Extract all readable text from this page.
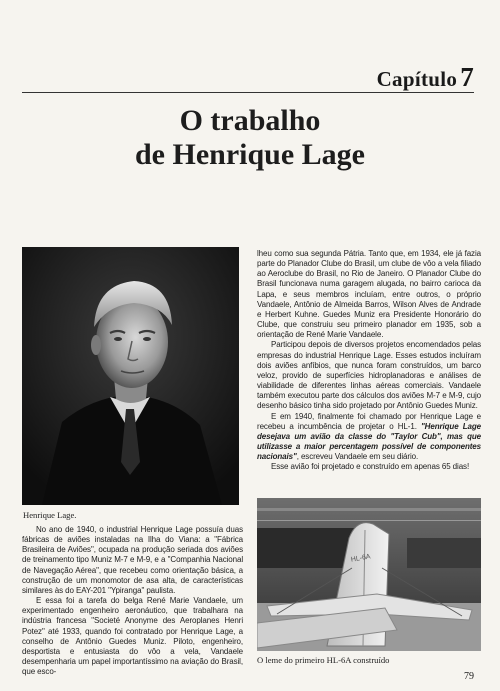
Capítulo 7
O trabalho
de Henrique Lage
Henrique Lage.

No ano de 1940, o industrial Henrique Lage possuía duas fábricas de aviões instaladas na Ilha do Viana: a "Fábrica Brasileira de Aviões", ocupada na produção seriada dos aviões de treinamento tipo Muniz M-7 e M-9, e a "Companhia Nacional de Navegação Aérea", que recebeu como orientação básica, a construção de um monomotor de asa alta, de características similares às do EAY-201 "Ypiranga" paulista.

E essa foi a tarefa do belga René Marie Vandaele, um experimentado engenheiro aeronáutico, que trabalhara na indústria francesa "Societé Anonyme des Aeroplanes Henri Potez" até 1933, quando foi contratado por Henrique Lage, a conselho de Antônio Guedes Muniz. Piloto, engenheiro, desportista e entusiasta do vôo a vela, Vandaele desempenharia um papel importantíssimo na aviação do Brasil, que esco-

lheu como sua segunda Pátria. Tanto que, em 1934, ele já fazia parte do Planador Clube do Brasil, um clube de vôo a vela filiado ao Aeroclube do Brasil, no Rio de Janeiro. O Planador Clube do Brasil funcionava numa garagem alugada, no bairro carioca da Lapa, e seus membros incluíam, entre outros, o próprio Vandaele, Antônio de Almeida Barros, Wilson Alves de Andrade e Herbert Kuhne. Guedes Muniz era Presidente Honorário do Clube, que construiu seu primeiro planador em 1935, sob a orientação de René Marie Vandaele.

Participou depois de diversos projetos encomendados pelas empresas do industrial Henrique Lage. Esses estudos incluíram dois aviões anfíbios, que nunca foram construídos, um barco veloz, provido de superfícies hidroplanadoras e análises de viabilidade de diferentes linhas aéreas comerciais. Vandaele também executou parte dos cálculos dos aviões M-7 e M-9, cujo desenho básico tinha sido projetado por Antônio Guedes Muniz.

E em 1940, finalmente foi chamado por Henrique Lage e recebeu a incumbência de projetar o HL-1. "Henrique Lage desejava um avião da classe do "Taylor Cub", mas que utilizasse a maior percentagem possível de componentes nacionais", escreveu Vandaele em seu diário.

Esse avião foi projetado e construído em apenas 65 dias!

HL-6A
O leme do primeiro HL-6A construído
79
